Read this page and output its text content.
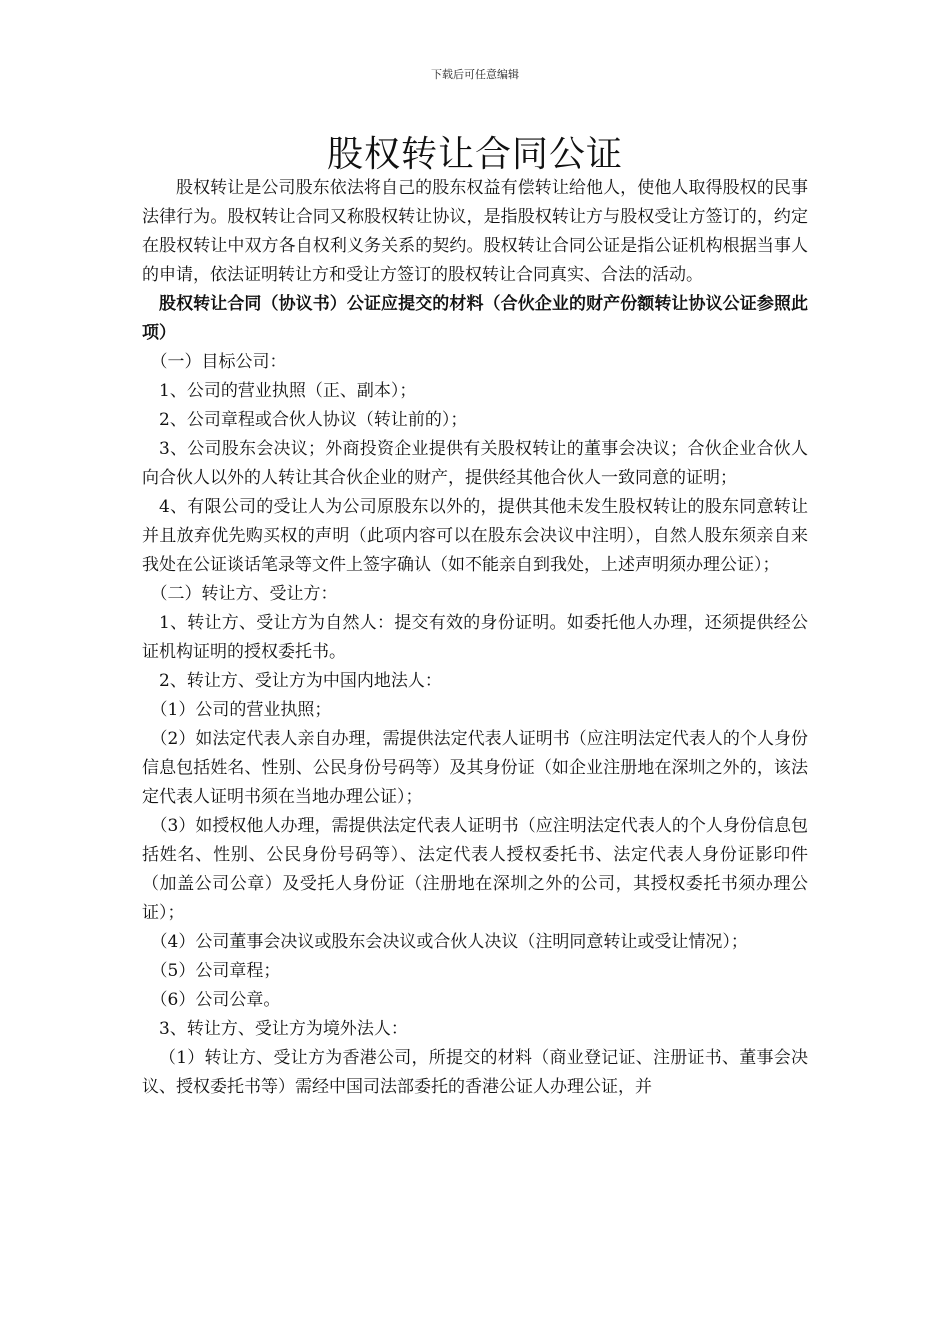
下载后可任意编辑
股权转让合同公证

股权转让是公司股东依法将自己的股东权益有偿转让给他人，使他人取得股权的民事法律行为。股权转让合同又称股权转让协议，是指股权转让方与股权受让方签订的，约定在股权转让中双方各自权利义务关系的契约。股权转让合同公证是指公证机构根据当事人的申请，依法证明转让方和受让方签订的股权转让合同真实、合法的活动。

股权转让合同（协议书）公证应提交的材料（合伙企业的财产份额转让协议公证参照此项）

（一）目标公司：

1、公司的营业执照（正、副本）；

2、公司章程或合伙人协议（转让前的）；

3、公司股东会决议；外商投资企业提供有关股权转让的董事会决议；合伙企业合伙人向合伙人以外的人转让其合伙企业的财产，提供经其他合伙人一致同意的证明；

4、有限公司的受让人为公司原股东以外的，提供其他未发生股权转让的股东同意转让并且放弃优先购买权的声明（此项内容可以在股东会决议中注明），自然人股东须亲自来我处在公证谈话笔录等文件上签字确认（如不能亲自到我处，上述声明须办理公证）；

（二）转让方、受让方：

1、转让方、受让方为自然人：提交有效的身份证明。如委托他人办理，还须提供经公证机构证明的授权委托书。

2、转让方、受让方为中国内地法人：

（1）公司的营业执照；

（2）如法定代表人亲自办理，需提供法定代表人证明书（应注明法定代表人的个人身份信息包括姓名、性别、公民身份号码等）及其身份证（如企业注册地在深圳之外的，该法定代表人证明书须在当地办理公证）；

（3）如授权他人办理，需提供法定代表人证明书（应注明法定代表人的个人身份信息包括姓名、性别、公民身份号码等）、法定代表人授权委托书、法定代表人身份证影印件（加盖公司公章）及受托人身份证（注册地在深圳之外的公司，其授权委托书须办理公证）；

（4）公司董事会决议或股东会决议或合伙人决议（注明同意转让或受让情况）；

（5）公司章程；

（6）公司公章。

3、转让方、受让方为境外法人：

（1）转让方、受让方为香港公司，所提交的材料（商业登记证、注册证书、董事会决议、授权委托书等）需经中国司法部委托的香港公证人办理公证，并
